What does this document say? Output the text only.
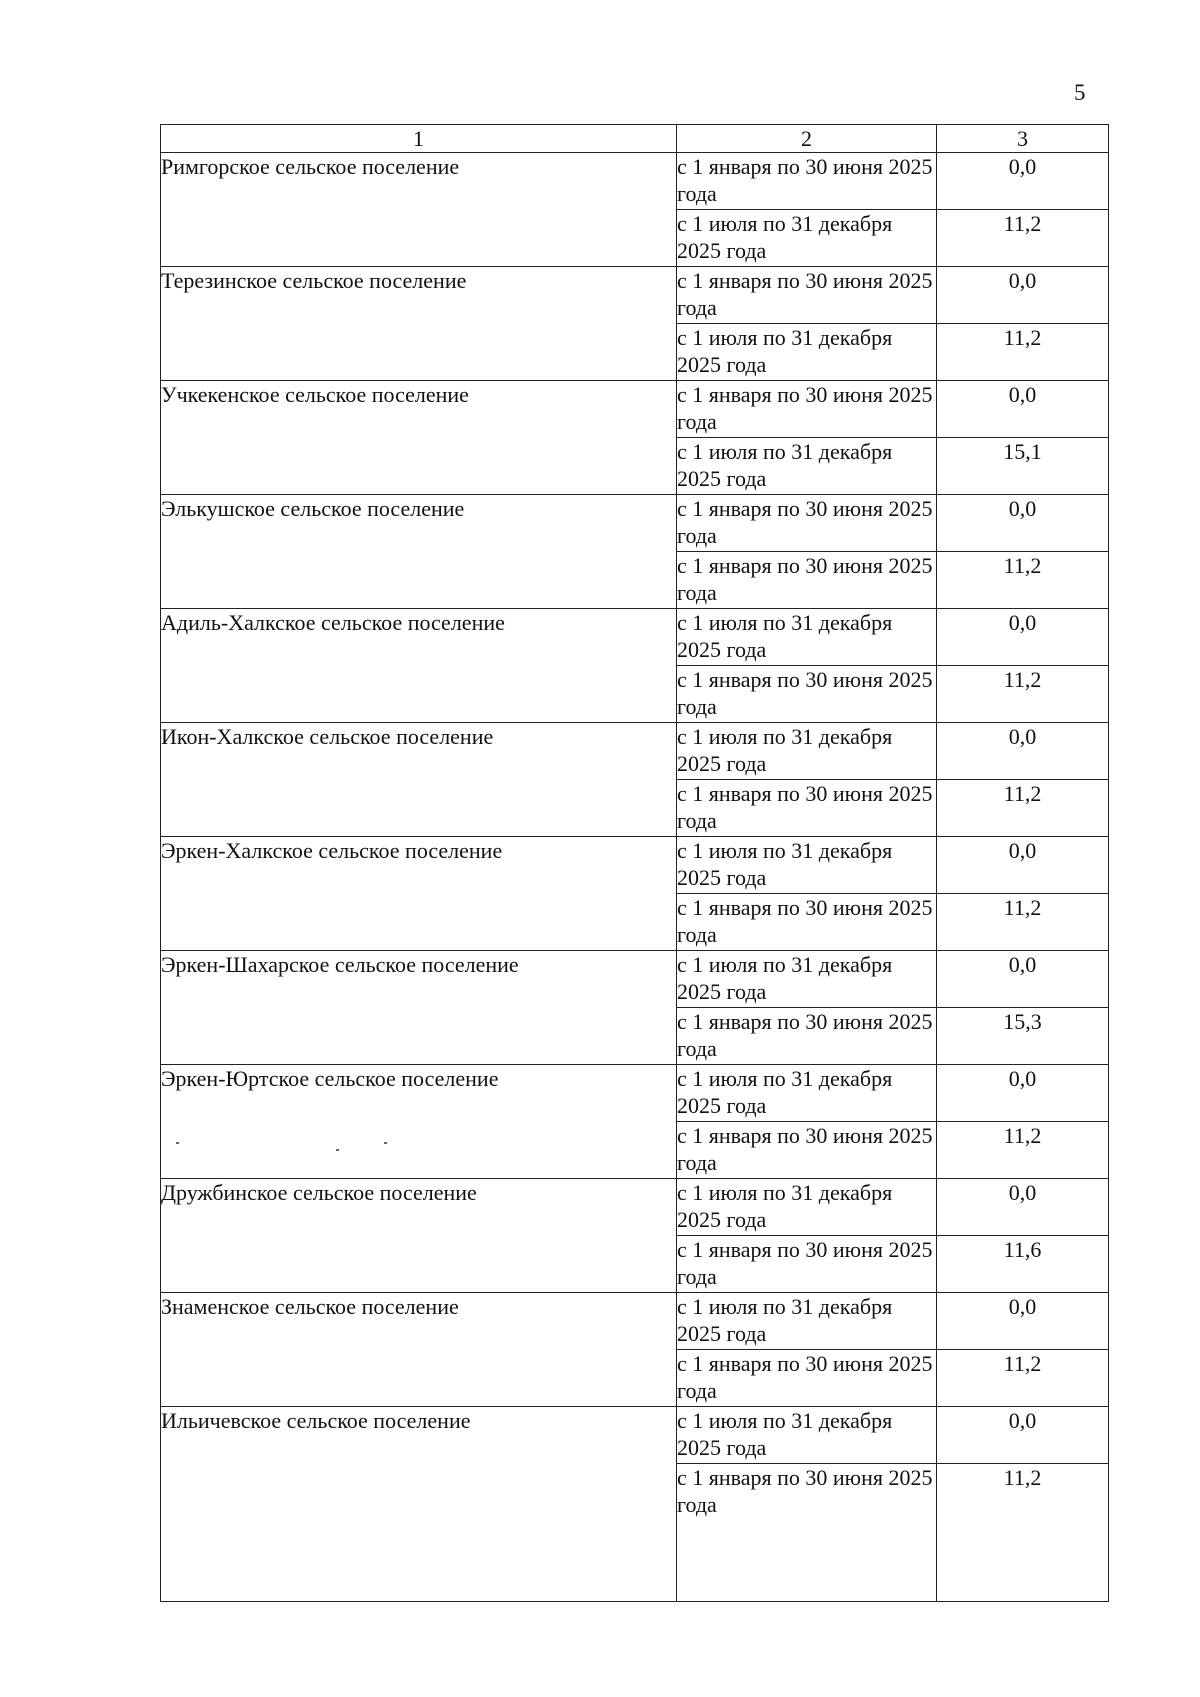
5
1	2	3
Римгорское сельское поселение	с 1 января по 30 июня 2025 года	0,0
	с 1 июля по 31 декабря 2025 года	11,2
Терезинское сельское поселение	с 1 января по 30 июня 2025 года	0,0
	с 1 июля по 31 декабря 2025 года	11,2
Учкекенское сельское поселение	с 1 января по 30 июня 2025 года	0,0
	с 1 июля по 31 декабря 2025 года	15,1
Элькушское сельское поселение	с 1 января по 30 июня 2025 года	0,0
	с 1 января по 30 июня 2025 года	11,2
Адиль-Халкское сельское поселение	с 1 июля по 31 декабря 2025 года	0,0
	с 1 января по 30 июня 2025 года	11,2
Икон-Халкское сельское поселение	с 1 июля по 31 декабря 2025 года	0,0
	с 1 января по 30 июня 2025 года	11,2
Эркен-Халкское сельское поселение	с 1 июля по 31 декабря 2025 года	0,0
	с 1 января по 30 июня 2025 года	11,2
Эркен-Шахарское сельское поселение	с 1 июля по 31 декабря 2025 года	0,0
	с 1 января по 30 июня 2025 года	15,3
Эркен-Юртское сельское поселение	с 1 июля по 31 декабря 2025 года	0,0
	с 1 января по 30 июня 2025 года	11,2
Дружбинское сельское поселение	с 1 июля по 31 декабря 2025 года	0,0
	с 1 января по 30 июня 2025 года	11,6
Знаменское сельское поселение	с 1 июля по 31 декабря 2025 года	0,0
	с 1 января по 30 июня 2025 года	11,2
Ильичевское сельское поселение	с 1 июля по 31 декабря 2025 года	0,0
	с 1 января по 30 июня 2025 года	11,2
